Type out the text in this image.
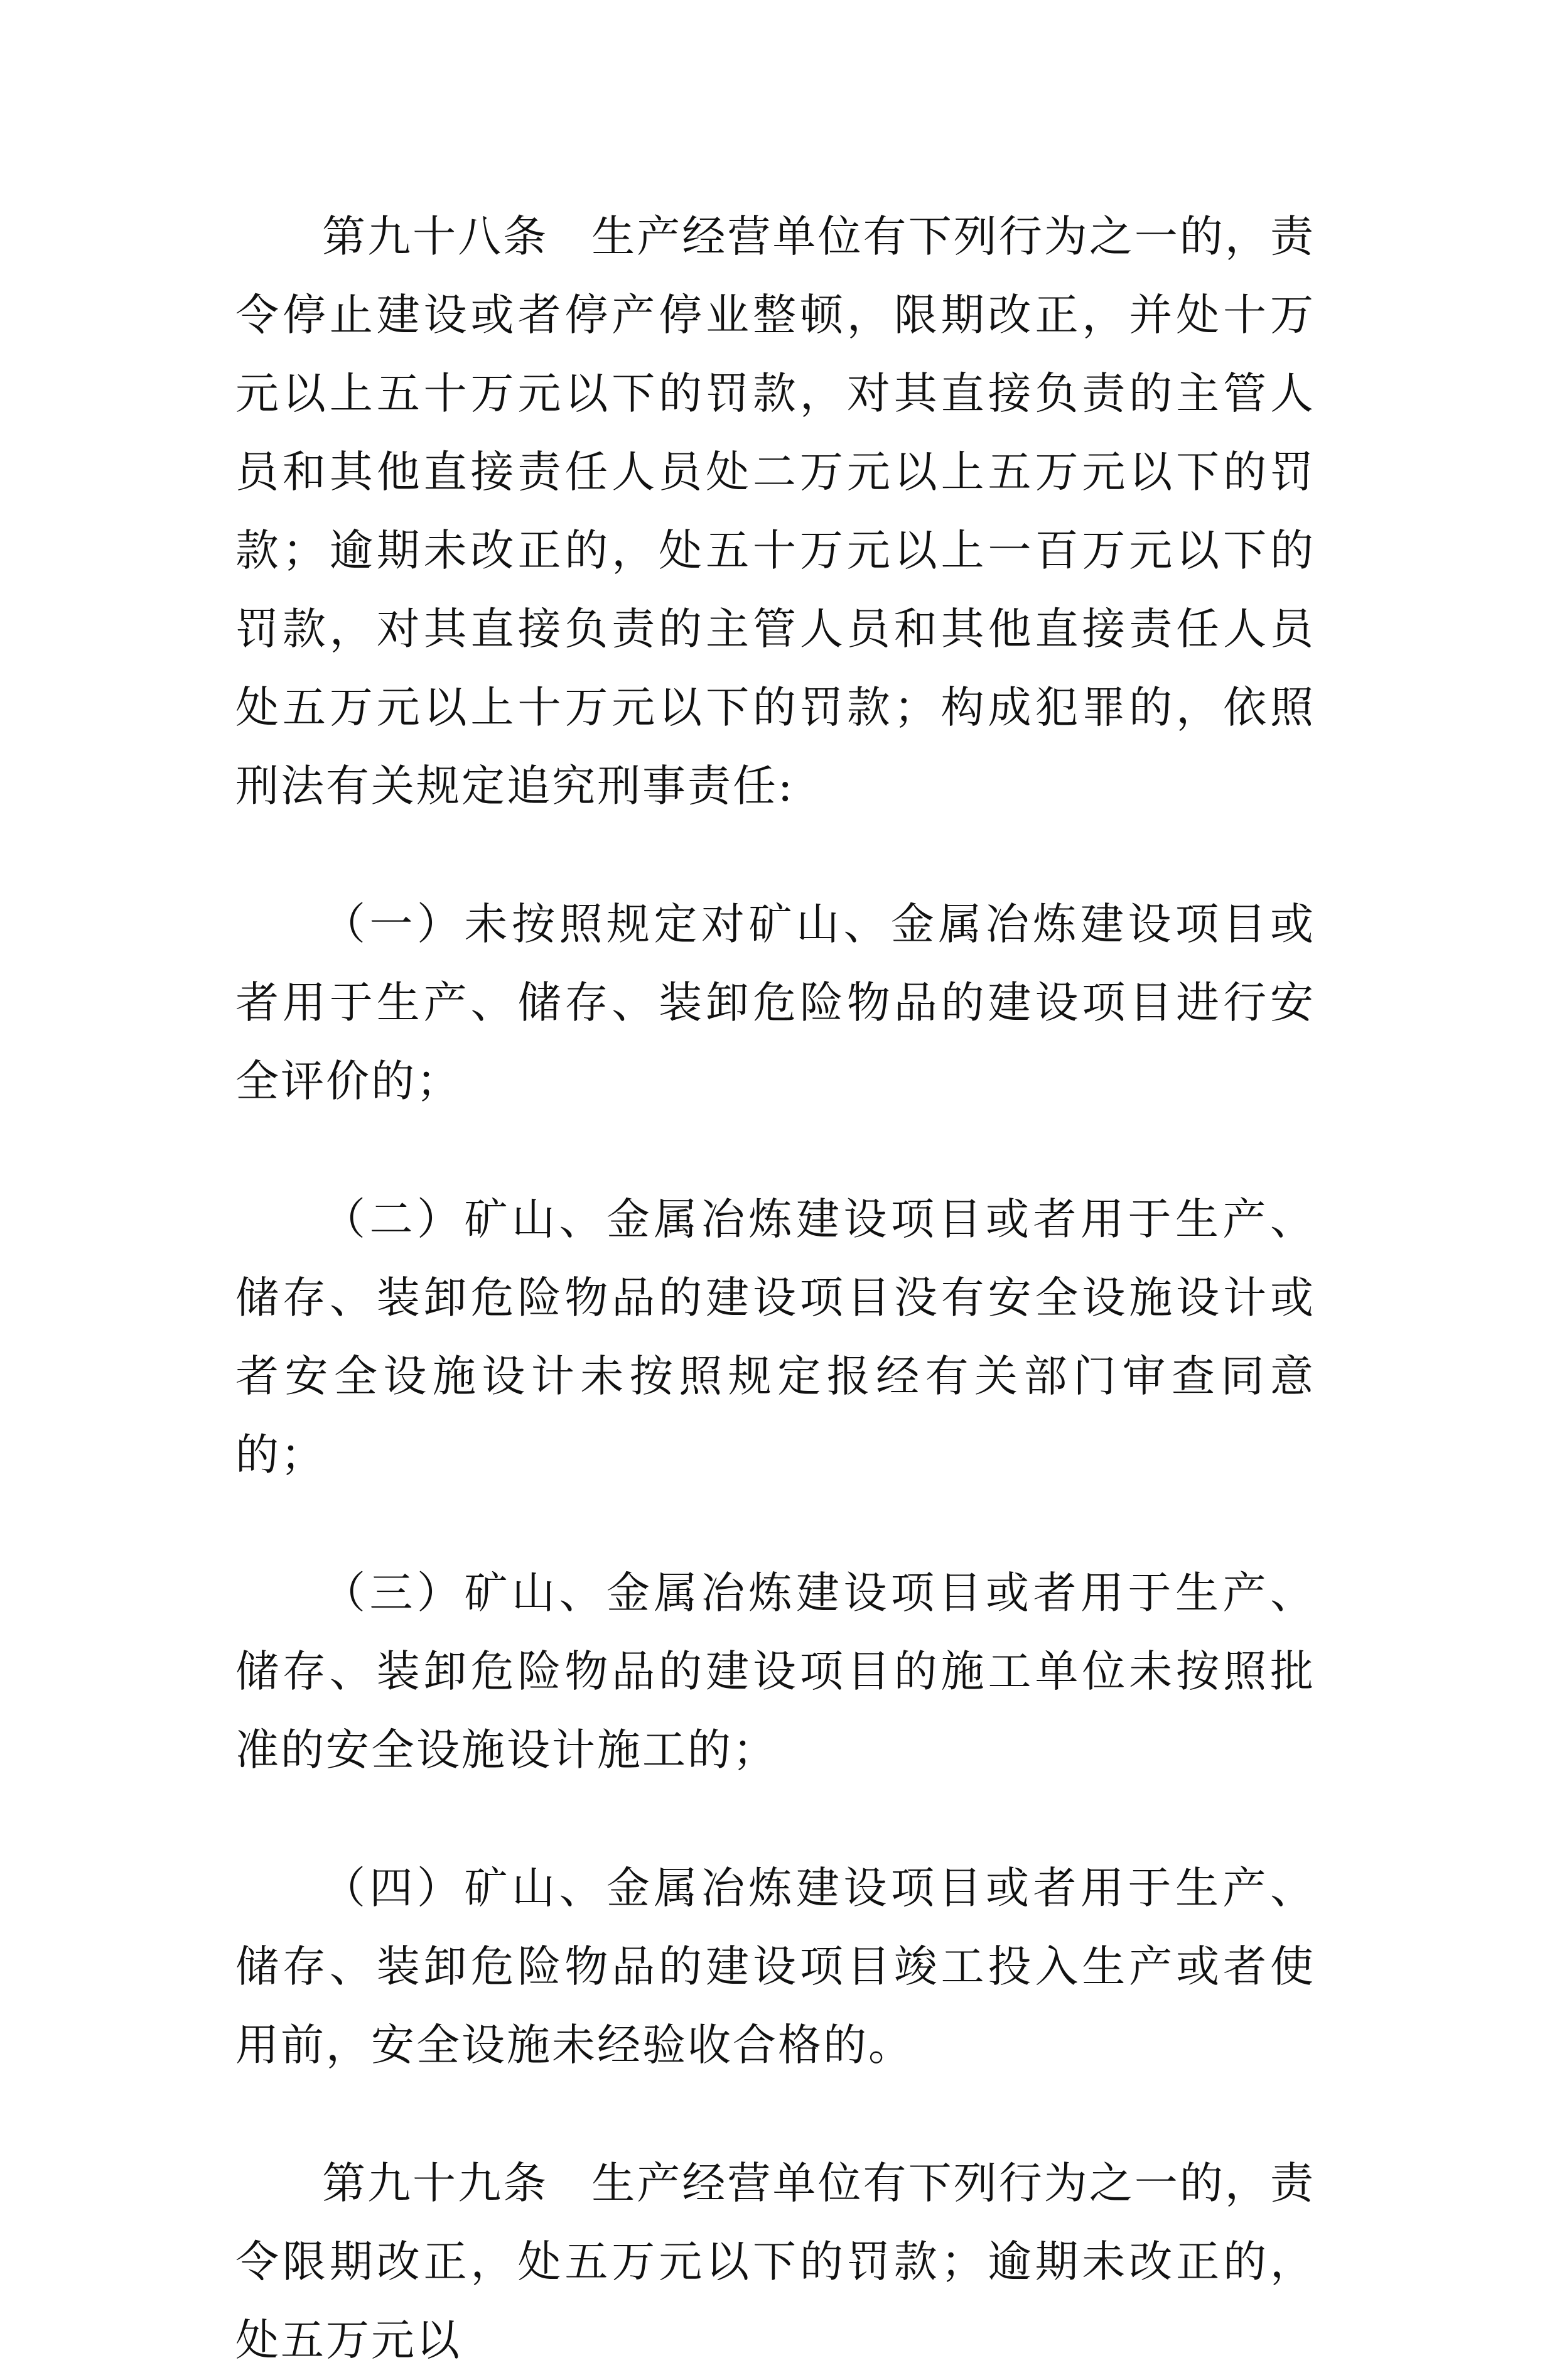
第九十八条 生产经营单位有下列行为之一的，责令停止建设或者停产停业整顿，限期改正，并处十万元以上五十万元以下的罚款，对其直接负责的主管人员和其他直接责任人员处二万元以上五万元以下的罚款；逾期未改正的，处五十万元以上一百万元以下的罚款，对其直接负责的主管人员和其他直接责任人员处五万元以上十万元以下的罚款；构成犯罪的，依照刑法有关规定追究刑事责任:

（一）未按照规定对矿山、金属冶炼建设项目或者用于生产、储存、装卸危险物品的建设项目进行安全评价的；

（二）矿山、金属冶炼建设项目或者用于生产、储存、装卸危险物品的建设项目没有安全设施设计或者安全设施设计未按照规定报经有关部门审查同意的；

（三）矿山、金属冶炼建设项目或者用于生产、储存、装卸危险物品的建设项目的施工单位未按照批准的安全设施设计施工的；

（四）矿山、金属冶炼建设项目或者用于生产、储存、装卸危险物品的建设项目竣工投入生产或者使用前，安全设施未经验收合格的。

第九十九条 生产经营单位有下列行为之一的，责令限期改正，处五万元以下的罚款；逾期未改正的，处五万元以
